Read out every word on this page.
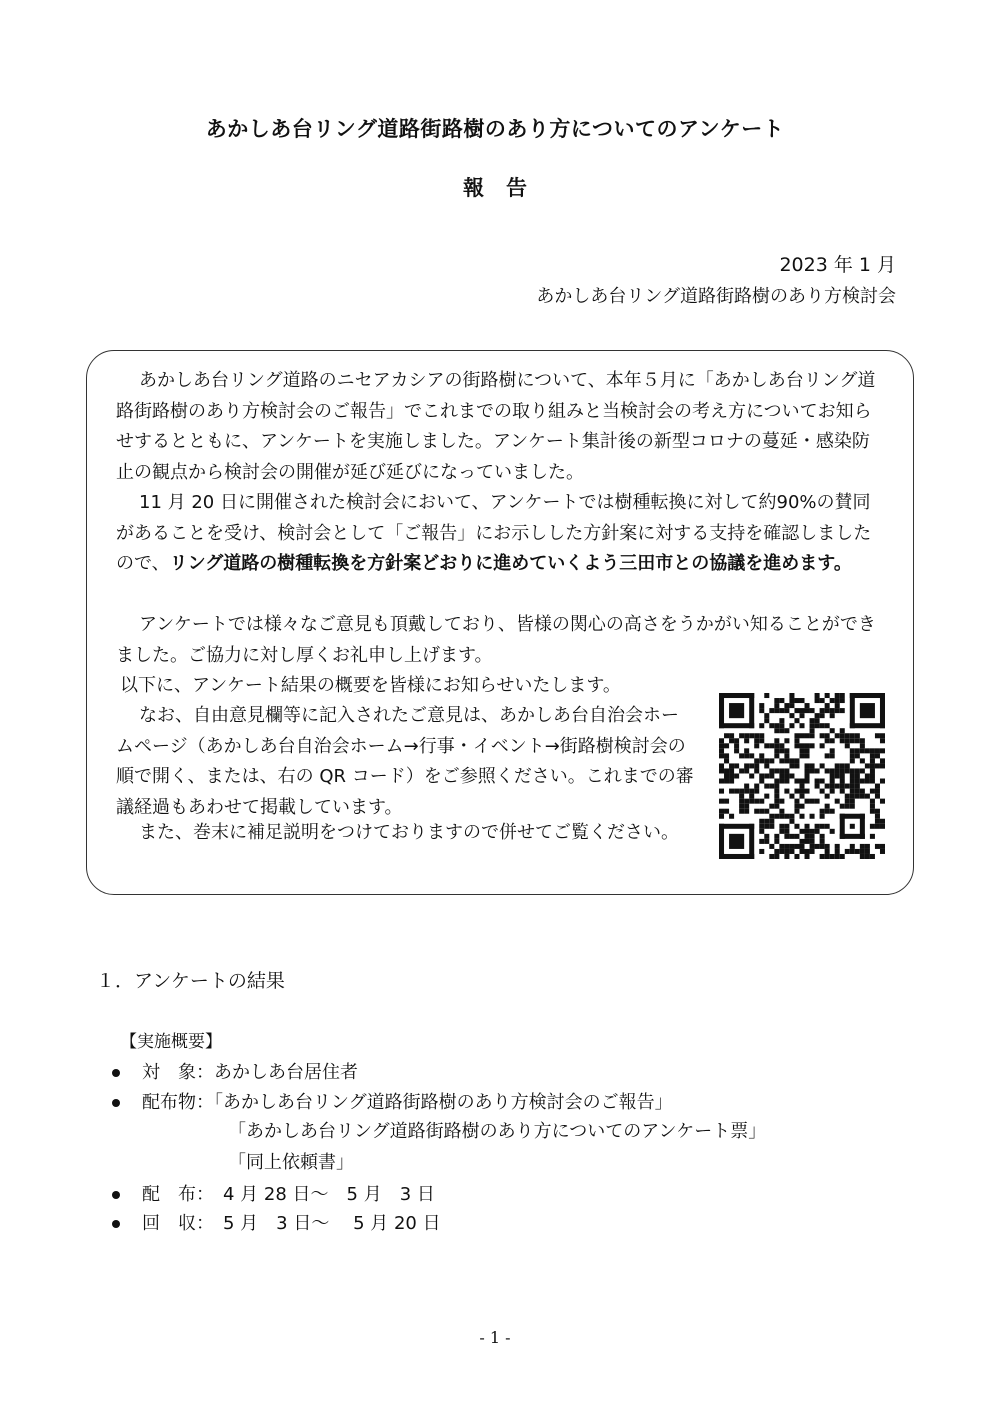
あかしあ台リング道路街路樹のあり方についてのアンケート
報告
2023 年 1 月
あかしあ台リング道路街路樹のあり方検討会

あかしあ台リング道路のニセアカシアの街路樹について、本年５月に「あかしあ台リング道路街路樹のあり方検討会のご報告」でこれまでの取り組みと当検討会の考え方についてお知らせするとともに、アンケートを実施しました。アンケート集計後の新型コロナの蔓延・感染防止の観点から検討会の開催が延び延びになっていました。

11 月 20 日に開催された検討会において、アンケートでは樹種転換に対して約90%の賛同があることを受け、検討会として「ご報告」にお示しした方針案に対する支持を確認しましたので、リング道路の樹種転換を方針案どおりに進めていくよう三田市との協議を進めます。

アンケートでは様々なご意見も頂戴しており、皆様の関心の高さをうかがい知ることができました。ご協力に対し厚くお礼申し上げます。

以下に、アンケート結果の概要を皆様にお知らせいたします。

なお、自由意見欄等に記入されたご意見は、あかしあ台自治会ホームページ（あかしあ台自治会ホーム→行事・イベント→街路樹検討会の順で開く、または、右の QR コード）をご参照ください。これまでの審議経過もあわせて掲載しています。

また、巻末に補足説明をつけておりますので併せてご覧ください。

１．アンケートの結果
【実施概要】
対　象：あかしあ台居住者
配布物：「あかしあ台リング道路街路樹のあり方検討会のご報告」
「あかしあ台リング道路街路樹のあり方についてのアンケート票」
「同上依頼書」
配　布：　4 月 28 日～　5 月　3 日
回　収：　5 月　3 日～　 5 月 20 日
- 1 -
